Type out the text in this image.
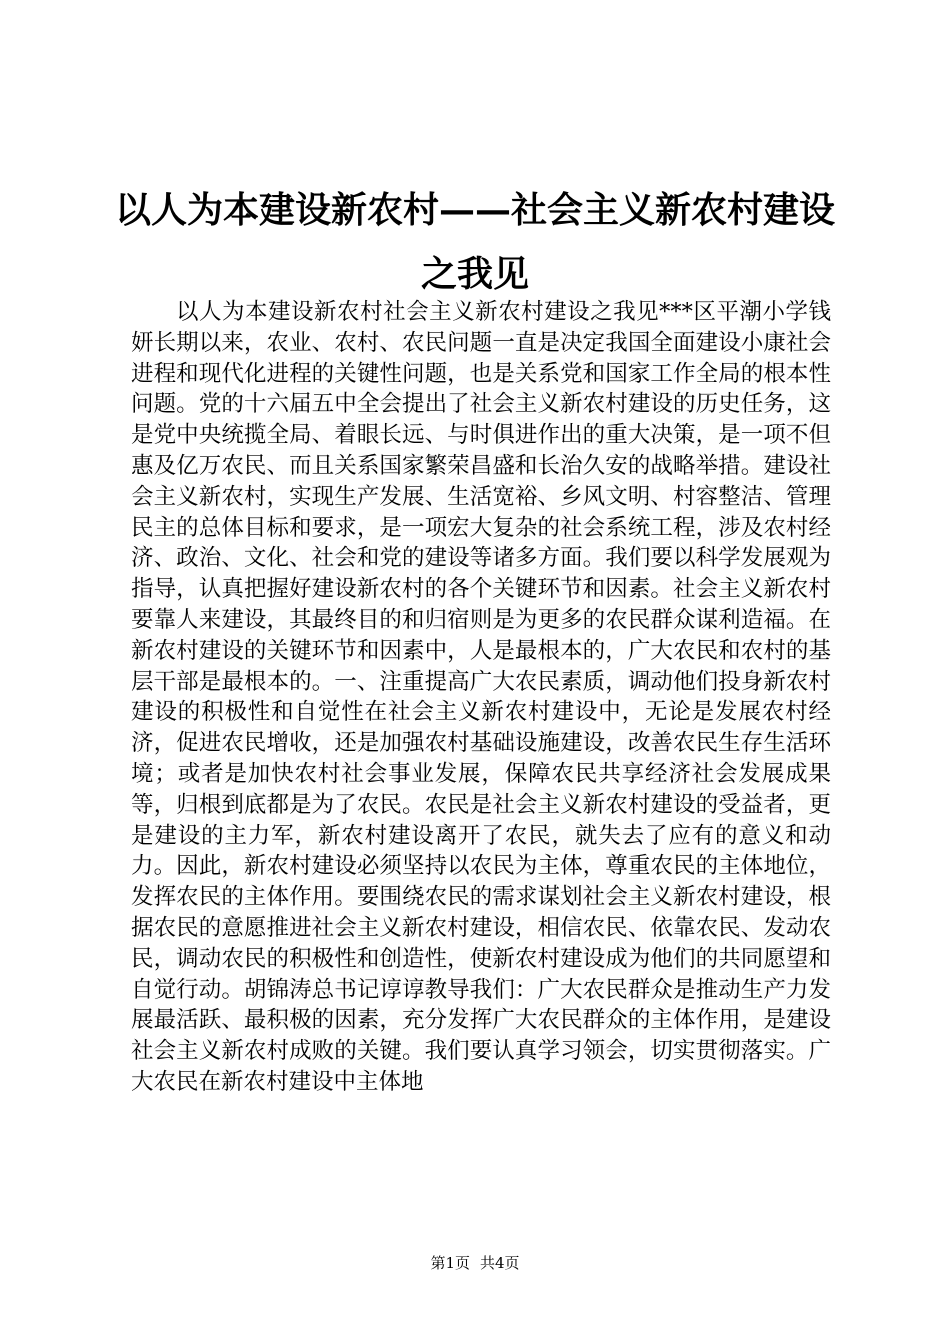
以人为本建设新农村——社会主义新农村建设之我见

以人为本建设新农村社会主义新农村建设之我见***区平潮小学钱妍长期以来，农业、农村、农民问题一直是决定我国全面建设小康社会进程和现代化进程的关键性问题，也是关系党和国家工作全局的根本性问题。党的十六届五中全会提出了社会主义新农村建设的历史任务，这是党中央统揽全局、着眼长远、与时俱进作出的重大决策，是一项不但惠及亿万农民、而且关系国家繁荣昌盛和长治久安的战略举措。建设社会主义新农村，实现生产发展、生活宽裕、乡风文明、村容整洁、管理民主的总体目标和要求，是一项宏大复杂的社会系统工程，涉及农村经济、政治、文化、社会和党的建设等诸多方面。我们要以科学发展观为指导，认真把握好建设新农村的各个关键环节和因素。社会主义新农村要靠人来建设，其最终目的和归宿则是为更多的农民群众谋利造福。在新农村建设的关键环节和因素中，人是最根本的，广大农民和农村的基层干部是最根本的。一、注重提高广大农民素质，调动他们投身新农村建设的积极性和自觉性在社会主义新农村建设中，无论是发展农村经济，促进农民增收，还是加强农村基础设施建设，改善农民生存生活环境；或者是加快农村社会事业发展，保障农民共享经济社会发展成果等，归根到底都是为了农民。农民是社会主义新农村建设的受益者，更是建设的主力军，新农村建设离开了农民，就失去了应有的意义和动力。因此，新农村建设必须坚持以农民为主体，尊重农民的主体地位，发挥农民的主体作用。要围绕农民的需求谋划社会主义新农村建设，根据农民的意愿推进社会主义新农村建设，相信农民、依靠农民、发动农民，调动农民的积极性和创造性，使新农村建设成为他们的共同愿望和自觉行动。胡锦涛总书记谆谆教导我们：广大农民群众是推动生产力发展最活跃、最积极的因素，充分发挥广大农民群众的主体作用，是建设社会主义新农村成败的关键。我们要认真学习领会，切实贯彻落实。广大农民在新农村建设中主体地

第1页 共4页
